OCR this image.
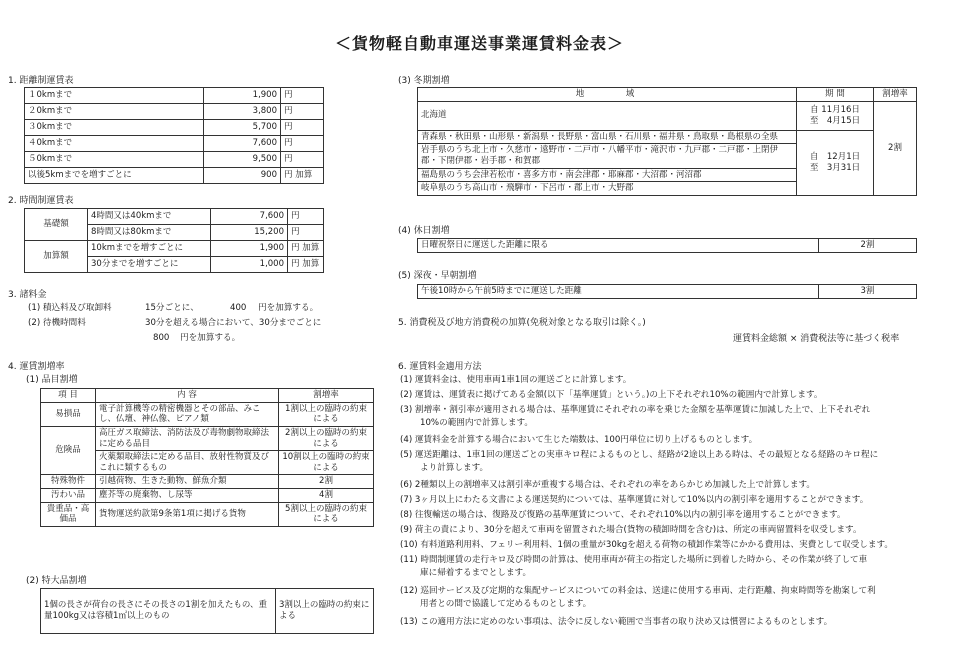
＜貨物軽自動車運送事業運賃料金表＞
1. 距離制運賃表
１0kmまで	1,900	円
２0kmまで	3,800	円
３0kmまで	5,700	円
４0kmまで	7,600	円
５0kmまで	9,500	円
以後5kmまでを増すごとに	900	円 加算
2. 時間制運賃表
基礎額	4時間又は40kmまで	7,600	円
	8時間又は80kmまで	15,200	円
加算額	10kmまでを増すごとに	1,900	円 加算
	30分までを増すごとに	1,000	円 加算
3. 諸料金
(1) 積込料及び取卸料	15分ごとに、	400 円を加算する。
(2) 待機時間料	30分を超える場合において、30分までごとに
800 円を加算する。
4. 運賃割増率
(1) 品目割増
項 目	内 容	割増率
易損品	電子計算機等の精密機器とその部品、みこし、仏壇、神仏像、ピアノ類	1割以上の臨時の約束による
危険品	高圧ガス取締法、消防法及び毒物劇物取締法に定める品目	2割以上の臨時の約束による
	火薬類取締法に定める品目、放射性物質及びこれに類するもの	10割以上の臨時の約束による
特殊物件	引越荷物、生きた動物、鮮魚介類	2割
汚わい品	塵芥等の廃棄物、し尿等	4割
貴重品・高価品	貨物運送約款第9条第1項に掲げる貨物	5割以上の臨時の約束による
(2) 特大品割増
1個の長さが荷台の長さにその長さの1割を加えたもの、重量100kg又は容積1㎡以上のもの	3割以上の臨時の約束による
(3) 冬期割増
地　　　域	期 間	割増率
北海道	自 11月16日
至　4月15日	2割
青森県・秋田県・山形県・新潟県・長野県・富山県・石川県・福井県・鳥取県・島根県の全県	自　12月1日
至　3月31日	
岩手県のうち北上市・久慈市・遠野市・二戸市・八幡平市・滝沢市・九戸郡・二戸郡・上閉伊郡・下閉伊郡・岩手郡・和賀郡		
福島県のうち会津若松市・喜多方市・南会津郡・耶麻郡・大沼郡・河沼郡		
岐阜県のうち高山市・飛騨市・下呂市・郡上市・大野郡		
(4) 休日割増
日曜祝祭日に運送した距離に限る	2割
(5) 深夜・早朝割増
午後10時から午前5時までに運送した距離	3割
5. 消費税及び地方消費税の加算(免税対象となる取引は除く。)
運賃料金総額 × 消費税法等に基づく税率
6. 運賃料金適用方法
(1) 運賃料金は、使用車両1車1回の運送ごとに計算します。
(2) 運賃は、運賃表に掲げてある金額(以下「基準運賃」という。)の上下それぞれ10%の範囲内で計算します。
(3) 割増率・割引率が適用される場合は、基準運賃にそれぞれの率を乗じた金額を基準運賃に加減した上で、上下それぞれ
10%の範囲内で計算します。
(4) 運賃料金を計算する場合において生じた端数は、100円単位に切り上げるものとします。
(5) 運送距離は、1車1回の運送ごとの実車キロ程によるものとし、経路が2途以上ある時は、その最短となる経路のキロ程に
より計算します。
(6) 2種類以上の割増率又は割引率が重複する場合は、それぞれの率をあらかじめ加減した上で計算します。
(7) 3ヶ月以上にわたる文書による運送契約については、基準運賃に対して10%以内の割引率を適用することができます。
(8) 往復輸送の場合は、復路及び復路の基準運賃について、それぞれ10%以内の割引率を適用することができます。
(9) 荷主の責により、30分を超えて車両を留置された場合(貨物の積卸時間を含む)は、所定の車両留置料を収受します。
(10) 有料道路利用料、フェリー利用料、1個の重量が30kgを超える荷物の積卸作業等にかかる費用は、実費として収受します。
(11) 時間制運賃の走行キロ及び時間の計算は、使用車両が荷主の指定した場所に到着した時から、その作業が終了して車
庫に帰着するまでとします。
(12) 巡回サービス及び定期的な集配サービスについての料金は、送達に使用する車両、走行距離、拘束時間等を勘案して利
用者との間で協議して定めるものとします。
(13) この適用方法に定めのない事項は、法令に反しない範囲で当事者の取り決め又は慣習によるものとします。
